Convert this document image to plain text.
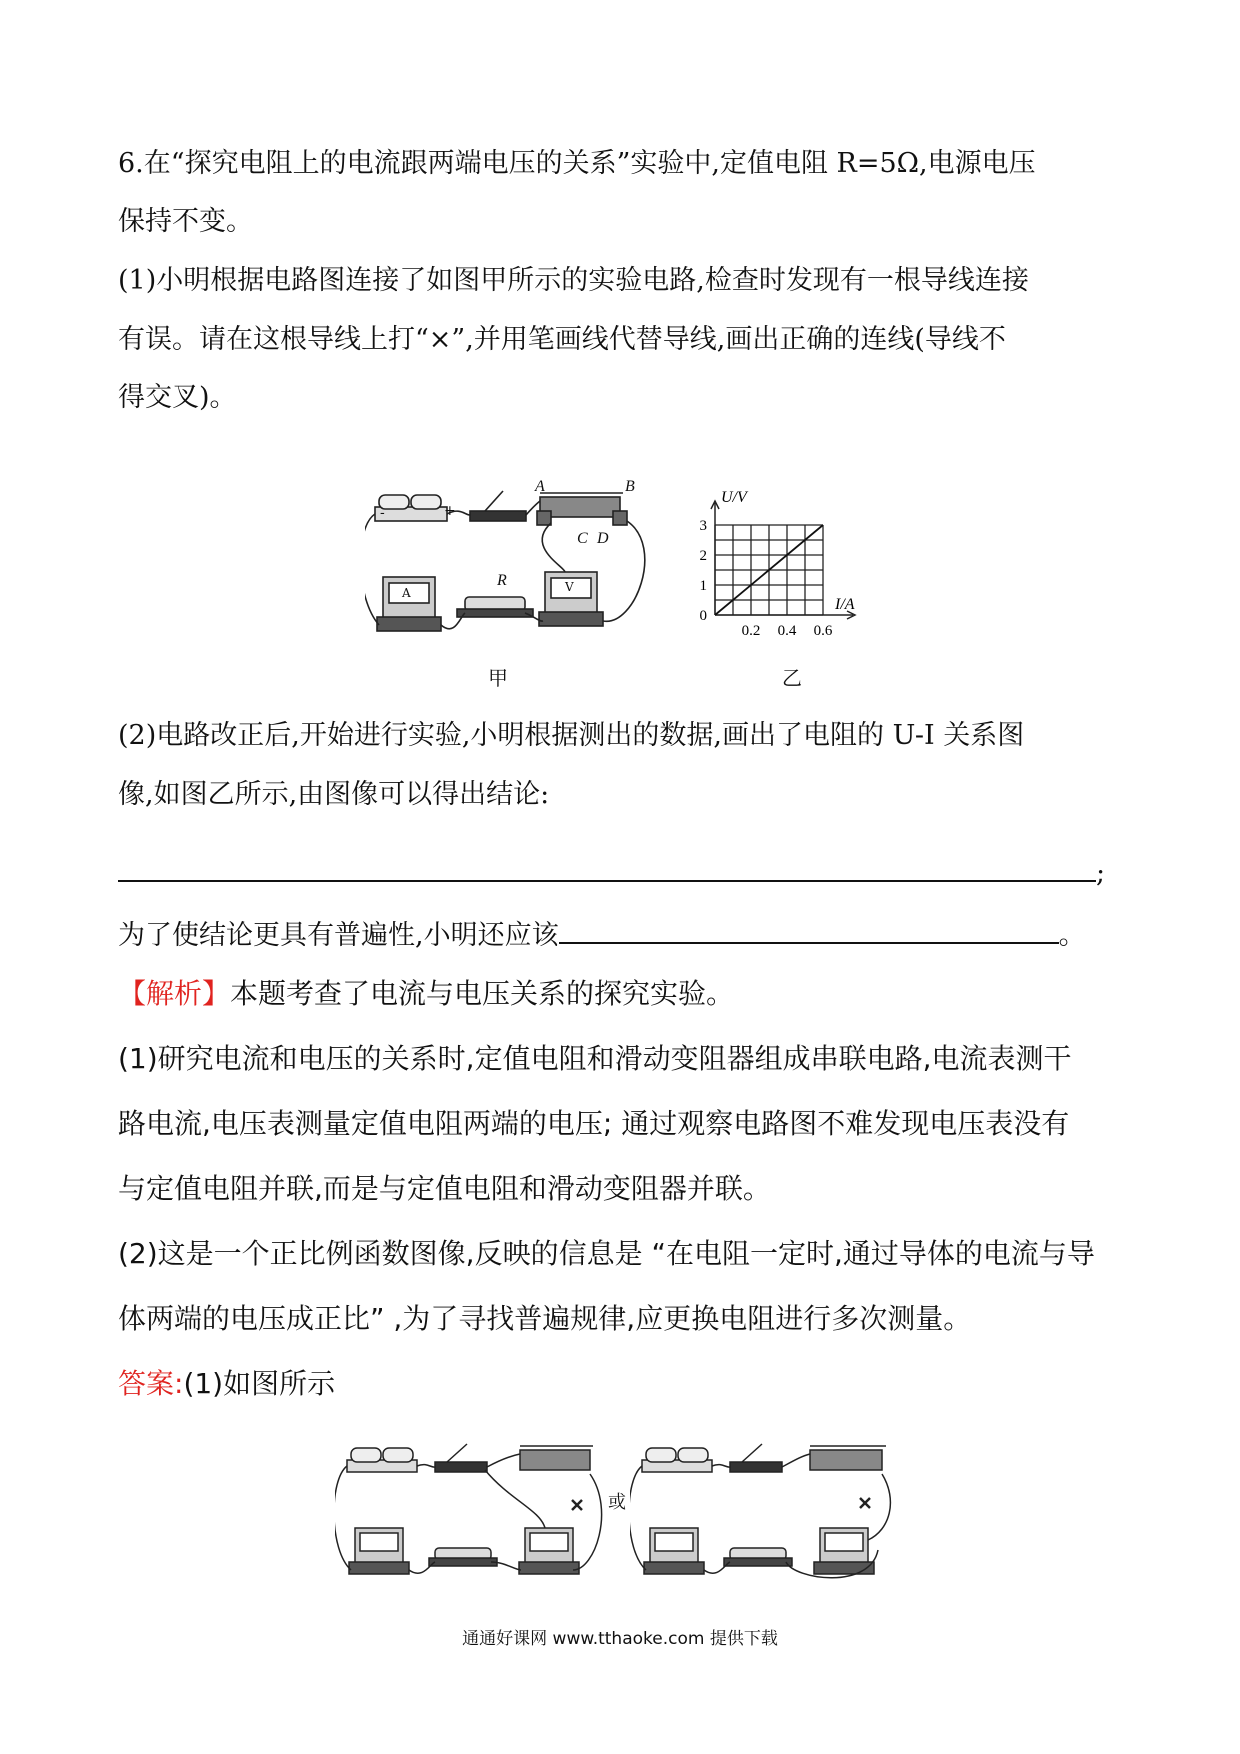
6.在“探究电阻上的电流跟两端电压的关系”实验中,定值电阻 R=5Ω,电源电压
保持不变。
(1)小明根据电路图连接了如图甲所示的实验电路,检查时发现有一根导线连接
有误。请在这根导线上打“×”,并用笔画线代替导线,画出正确的连线(导线不
得交叉)。
A	B
C D
R
-	+
A	V
甲
0
1
2
3
0.2 0.4 0.6
U/V
I/A
乙
(2)电路改正后,开始进行实验,小明根据测出的数据,画出了电阻的 U-I 关系图
像,如图乙所示,由图像可以得出结论:
;
为了使结论更具有普遍性,小明还应该	。
【解析】本题考查了电流与电压关系的探究实验。
(1)研究电流和电压的关系时,定值电阻和滑动变阻器组成串联电路,电流表测干
路电流,电压表测量定值电阻两端的电压; 通过观察电路图不难发现电压表没有
与定值电阻并联,而是与定值电阻和滑动变阻器并联。
(2)这是一个正比例函数图像,反映的信息是 “在电阻一定时,通过导体的电流与导
体两端的电压成正比” ,为了寻找普遍规律,应更换电阻进行多次测量。
答案:(1)如图所示
或
通通好课网 www.tthaoke.com 提供下载
